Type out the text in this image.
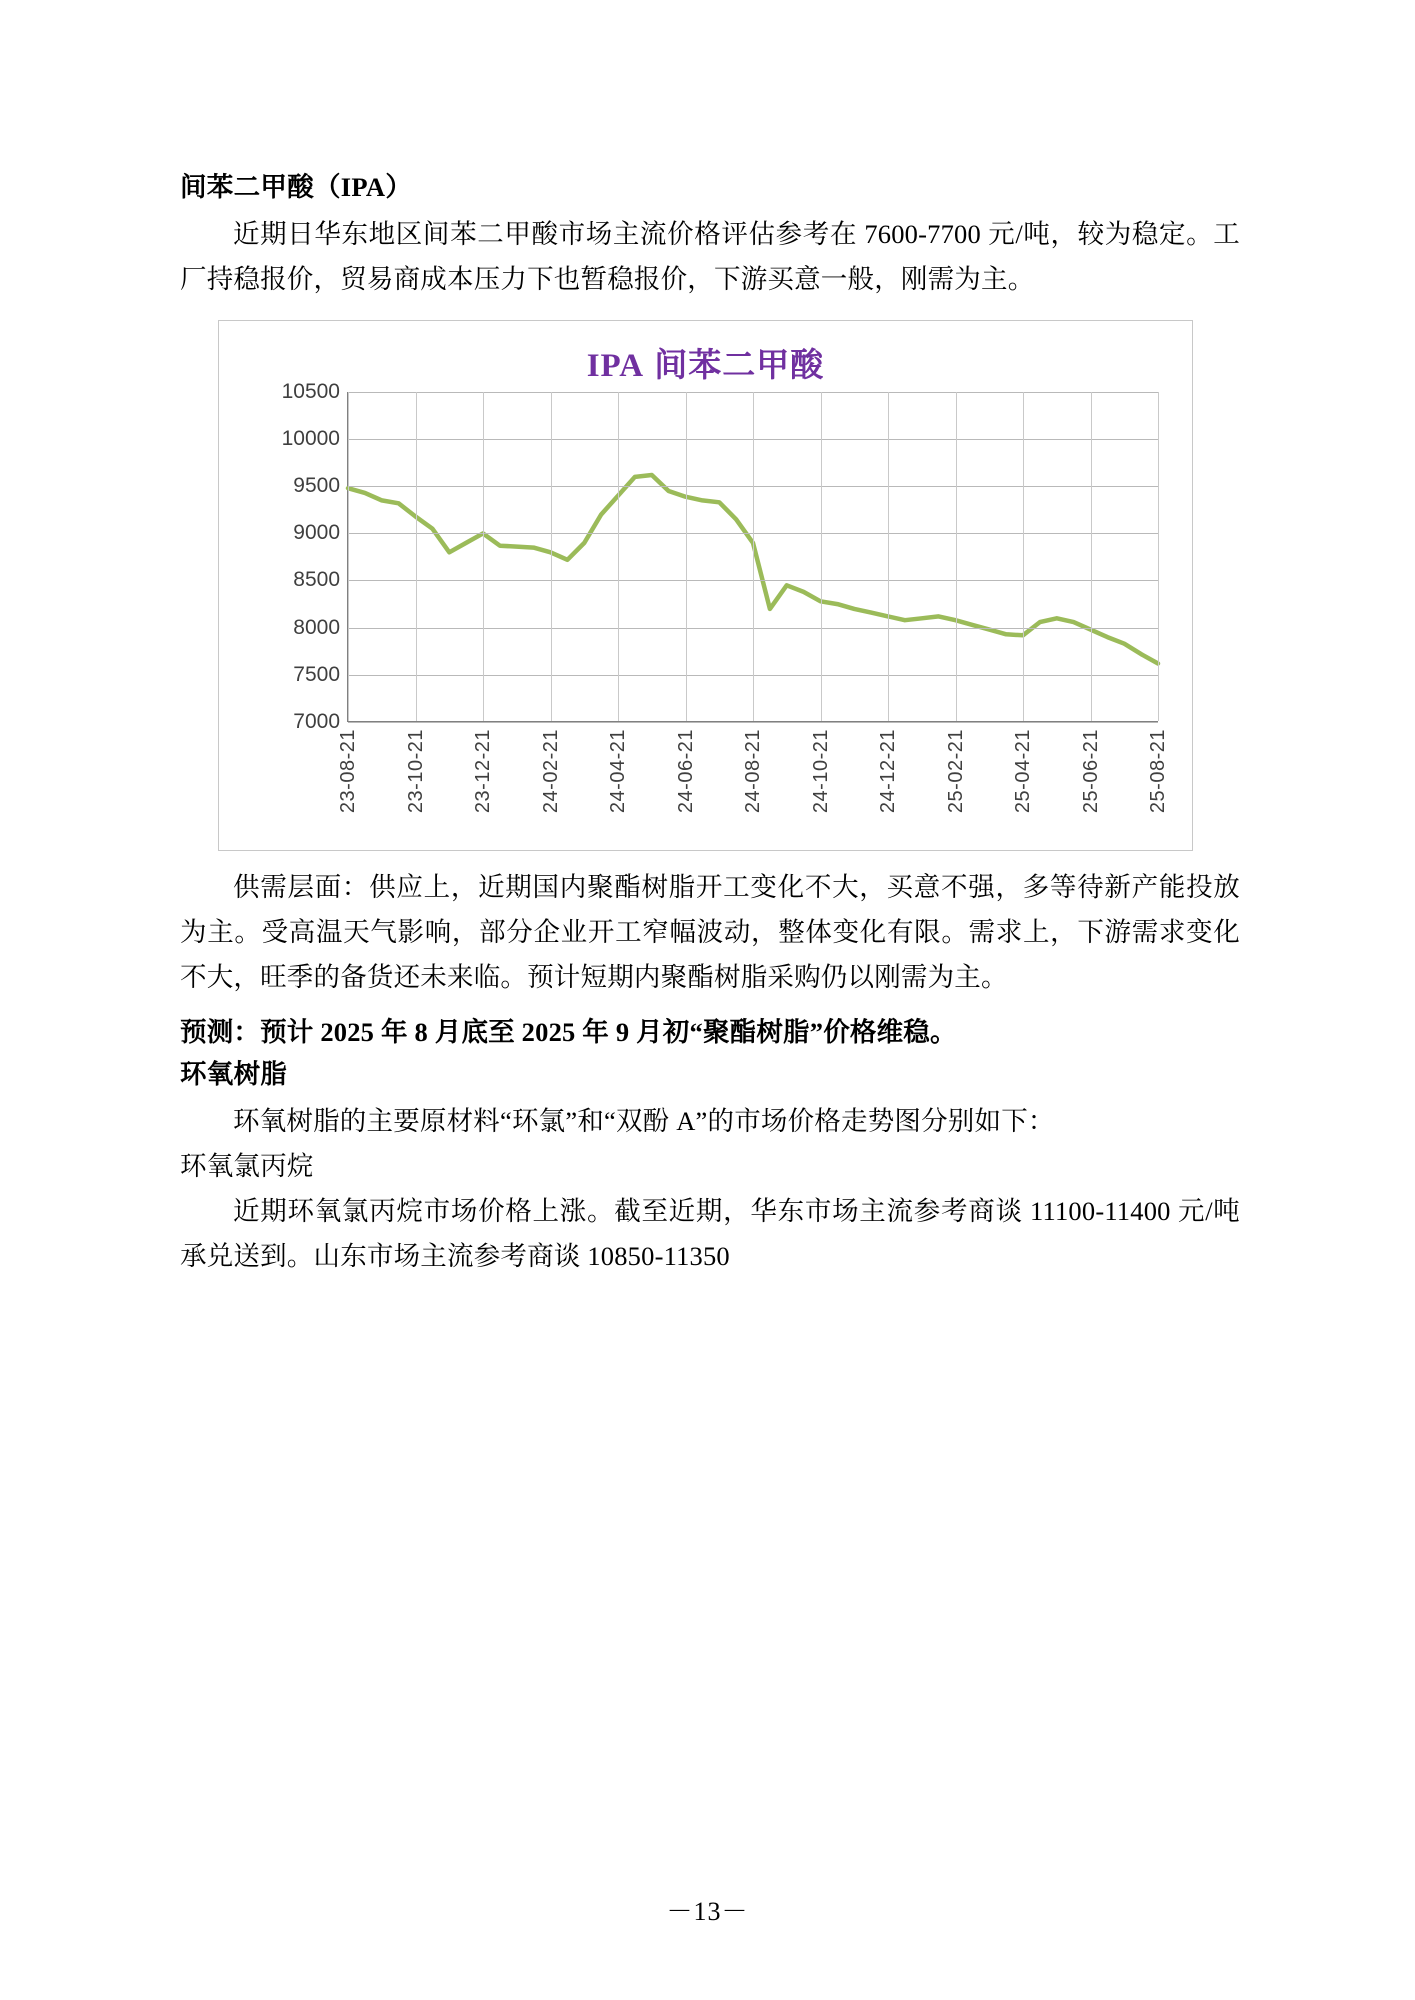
间苯二甲酸（IPA）

近期日华东地区间苯二甲酸市场主流价格评估参考在 7600-7700 元/吨，较为稳定。工厂持稳报价，贸易商成本压力下也暂稳报价，下游买意一般，刚需为主。

IPA 间苯二甲酸
10500
10000
9500
9000
8500
8000
7500
7000
23-08-21 23-10-21 23-12-21 24-02-21 24-04-21 24-06-21 24-08-21 24-10-21 24-12-21 25-02-21 25-04-21 25-06-21 25-08-21

供需层面：供应上，近期国内聚酯树脂开工变化不大，买意不强，多等待新产能投放为主。受高温天气影响，部分企业开工窄幅波动，整体变化有限。需求上，下游需求变化不大，旺季的备货还未来临。预计短期内聚酯树脂采购仍以刚需为主。

预测：预计 2025 年 8 月底至 2025 年 9 月初“聚酯树脂”价格维稳。

环氧树脂

环氧树脂的主要原材料“环氯”和“双酚 A”的市场价格走势图分别如下：

环氧氯丙烷

近期环氧氯丙烷市场价格上涨。截至近期，华东市场主流参考商谈 11100-11400 元/吨承兑送到。山东市场主流参考商谈 10850-11350

－13－
